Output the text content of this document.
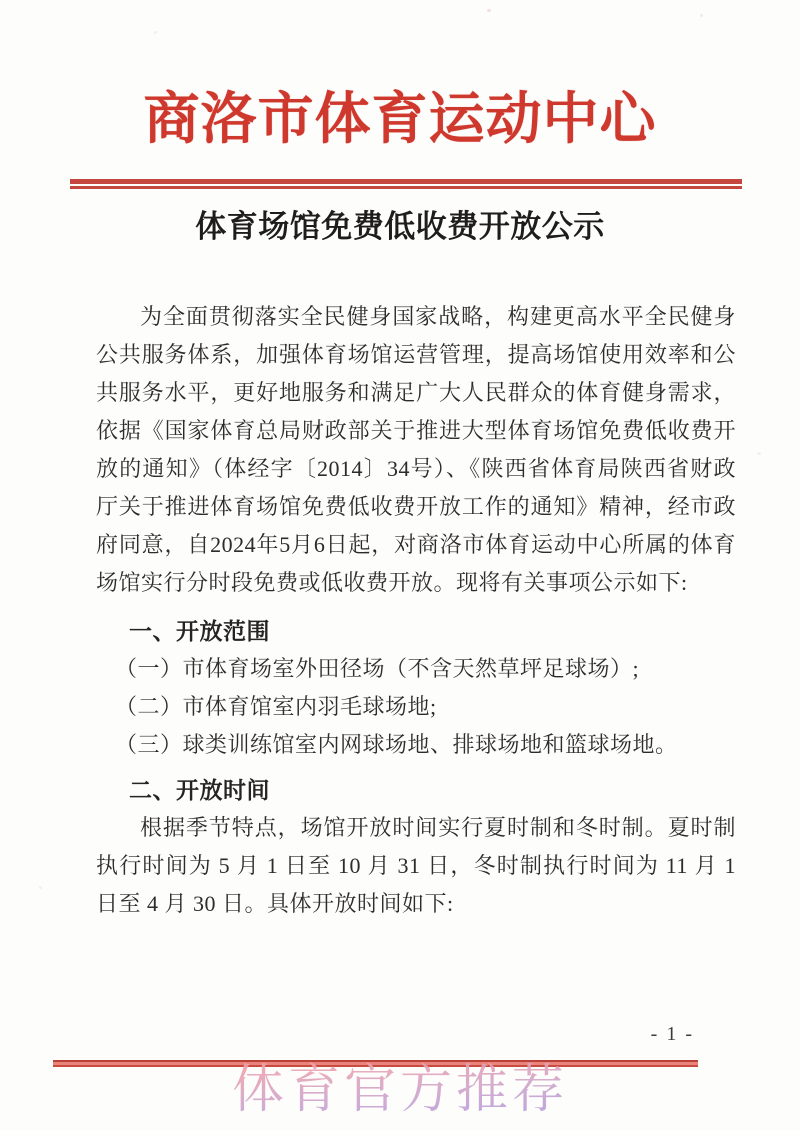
商洛市体育运动中心
体育场馆免费低收费开放公示

为全面贯彻落实全民健身国家战略，构建更高水平全民健身

公共服务体系，加强体育场馆运营管理，提高场馆使用效率和公

共服务水平，更好地服务和满足广大人民群众的体育健身需求，

依据《国家体育总局财政部关于推进大型体育场馆免费低收费开

放的通知》（体经字〔2014〕34号）、《陕西省体育局陕西省财政

厅关于推进体育场馆免费低收费开放工作的通知》精神，经市政

府同意，自2024年5月6日起，对商洛市体育运动中心所属的体育

场馆实行分时段免费或低收费开放。现将有关事项公示如下:

一、开放范围

（一）市体育场室外田径场（不含天然草坪足球场）;

（二）市体育馆室内羽毛球场地;

（三）球类训练馆室内网球场地、排球场地和篮球场地。

二、开放时间

根据季节特点，场馆开放时间实行夏时制和冬时制。夏时制

执行时间为 5 月 1 日至 10 月 31 日，冬时制执行时间为 11 月 1

日至 4 月 30 日。具体开放时间如下:

- 1 -
体育官方推荐
